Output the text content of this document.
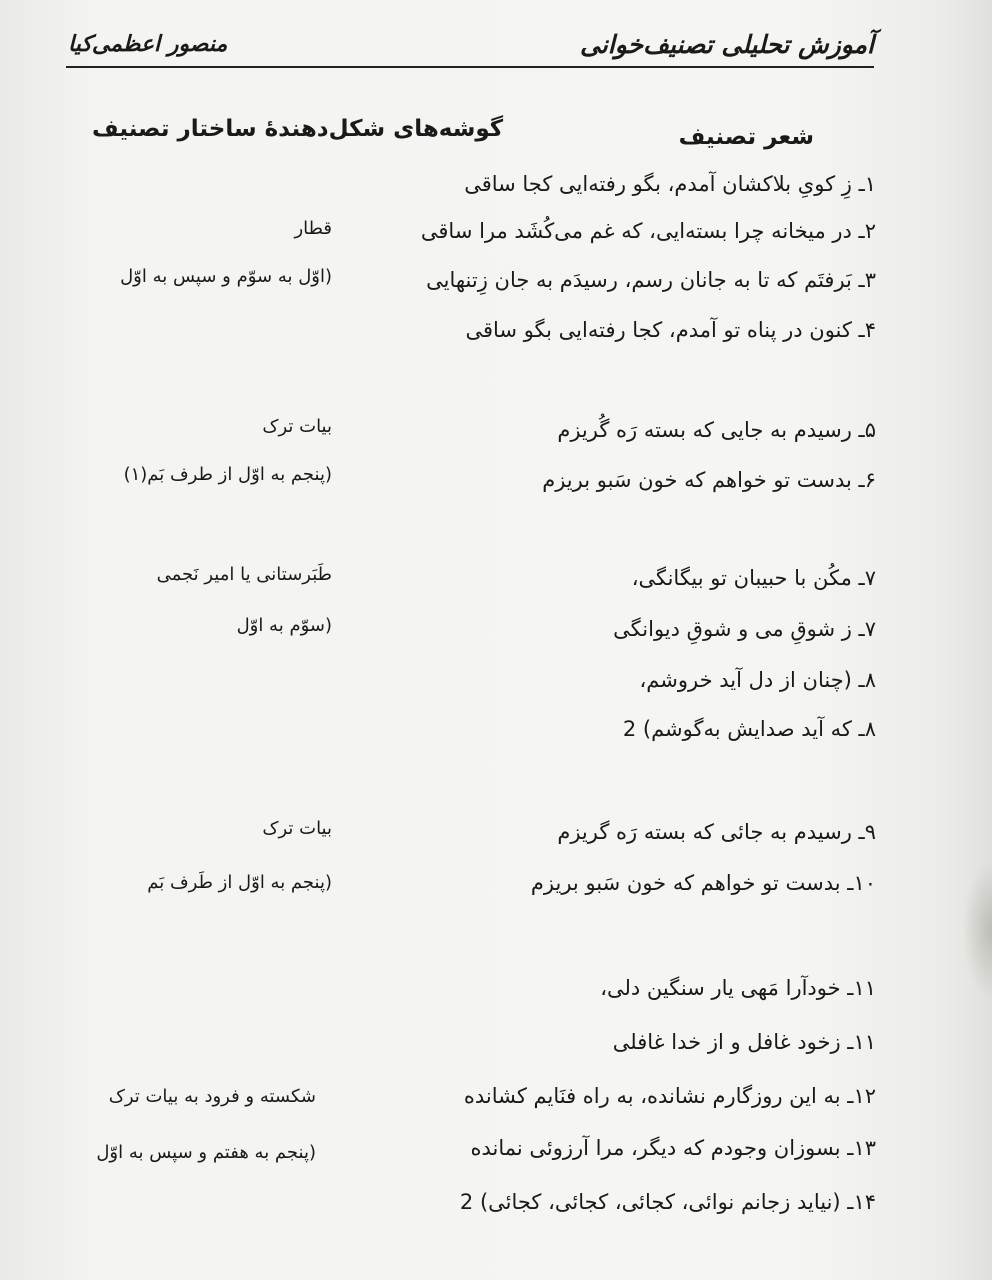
آموزش تحلیلی تصنیف‌خوانی
منصور اعظمی‌کیا
شعر تصنیف
گوشه‌های شکل‌دهندهٔ ساختار تصنیف
۱ـ زِ کویِ بلاکشان آمدم، بگو رفته‌ایی کجا ساقی
۲ـ در میخانه چرا بسته‌ایی، که غم می‌کُشَد مرا ساقی
۳ـ بَرفتَم که تا به جانان رسم، رسیدَم به جان زِتنهایی
۴ـ کنون در پناه تو آمدم، کجا رفته‌ایی بگو ساقی
۵ـ رسیدم به جایی که بسته رَه گُریزم
۶ـ بدست تو خواهم که خون سَبو بریزم
۷ـ مکُن با حبیبان تو بیگانگی،
۷ـ ز شوقِ می و شوقِ دیوانگی
۸ـ (چنان از دل آید خروشم،
۸ـ که آید صدایش به‌گوشم) 2
۹ـ رسیدم به جائی که بسته رَه گریزم
۱۰ـ بدست تو خواهم که خون سَبو بریزم
۱۱ـ خودآرا مَهی یار سنگین دلی،
۱۱ـ زخود غافل و از خدا غافلی
۱۲ـ به این روزگارم نشانده، به راه فنَایم کشانده
۱۳ـ بسوزان وجودم که دیگر، مرا آرزوئی نمانده
۱۴ـ (نیاید زجانم نوائی، کجائی، کجائی، کجائی) 2
قطار
(اوّل به سوّم و سپس به اوّل
بیات ترک
(پنجم به اوّل از طرف بَم(۱)
طَبَرستانی یا امیر نَجمی
(سوّم به اوّل
بیات ترک
(پنجم به اوّل از طَرف بَم
شکسته و فرود به بیات ترک
(پنجم به هفتم و سپس به اوّل
